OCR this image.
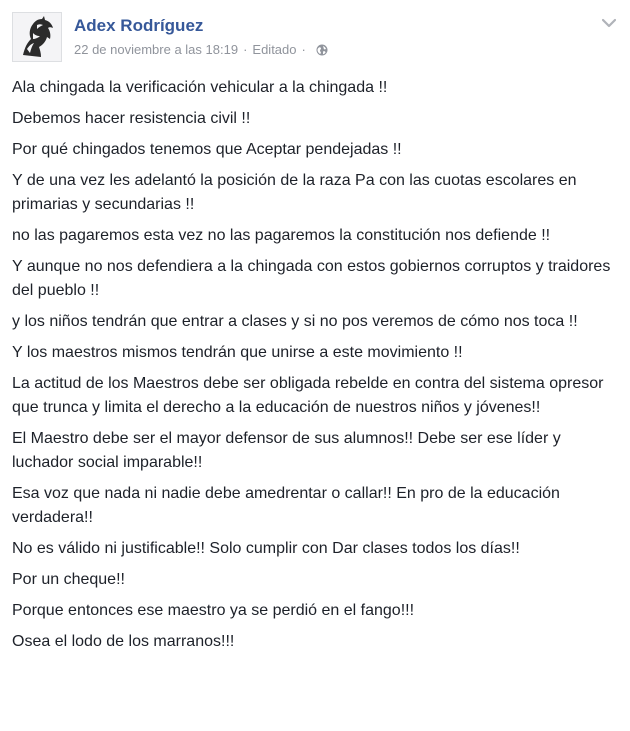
Adex Rodríguez
22 de noviembre a las 18:19 · Editado ·

Ala chingada la verificación vehicular a la chingada !!

Debemos hacer resistencia civil !!

Por qué chingados tenemos que Aceptar pendejadas !!

Y de una vez les adelantó la posición de la raza Pa con las cuotas escolares en primarias y secundarias !!

no las pagaremos esta vez no las pagaremos la constitución nos defiende !!

Y aunque no nos defendiera a la chingada con estos gobiernos corruptos y traidores del pueblo !!

y los niños tendrán que entrar a clases y si no pos veremos de cómo nos toca !!

Y los maestros mismos tendrán que unirse a este movimiento !!

La actitud de los Maestros debe ser obligada rebelde en contra del sistema opresor que trunca y limita el derecho a la educación de nuestros niños y jóvenes!!

El Maestro debe ser el mayor defensor de sus alumnos!! Debe ser ese líder y luchador social imparable!!

Esa voz que nada ni nadie debe amedrentar o callar!! En pro de la educación verdadera!!

No es válido ni justificable!! Solo cumplir con Dar clases todos los días!!

Por un cheque!!

Porque entonces ese maestro ya se perdió en el fango!!!

Osea el lodo de los marranos!!!
